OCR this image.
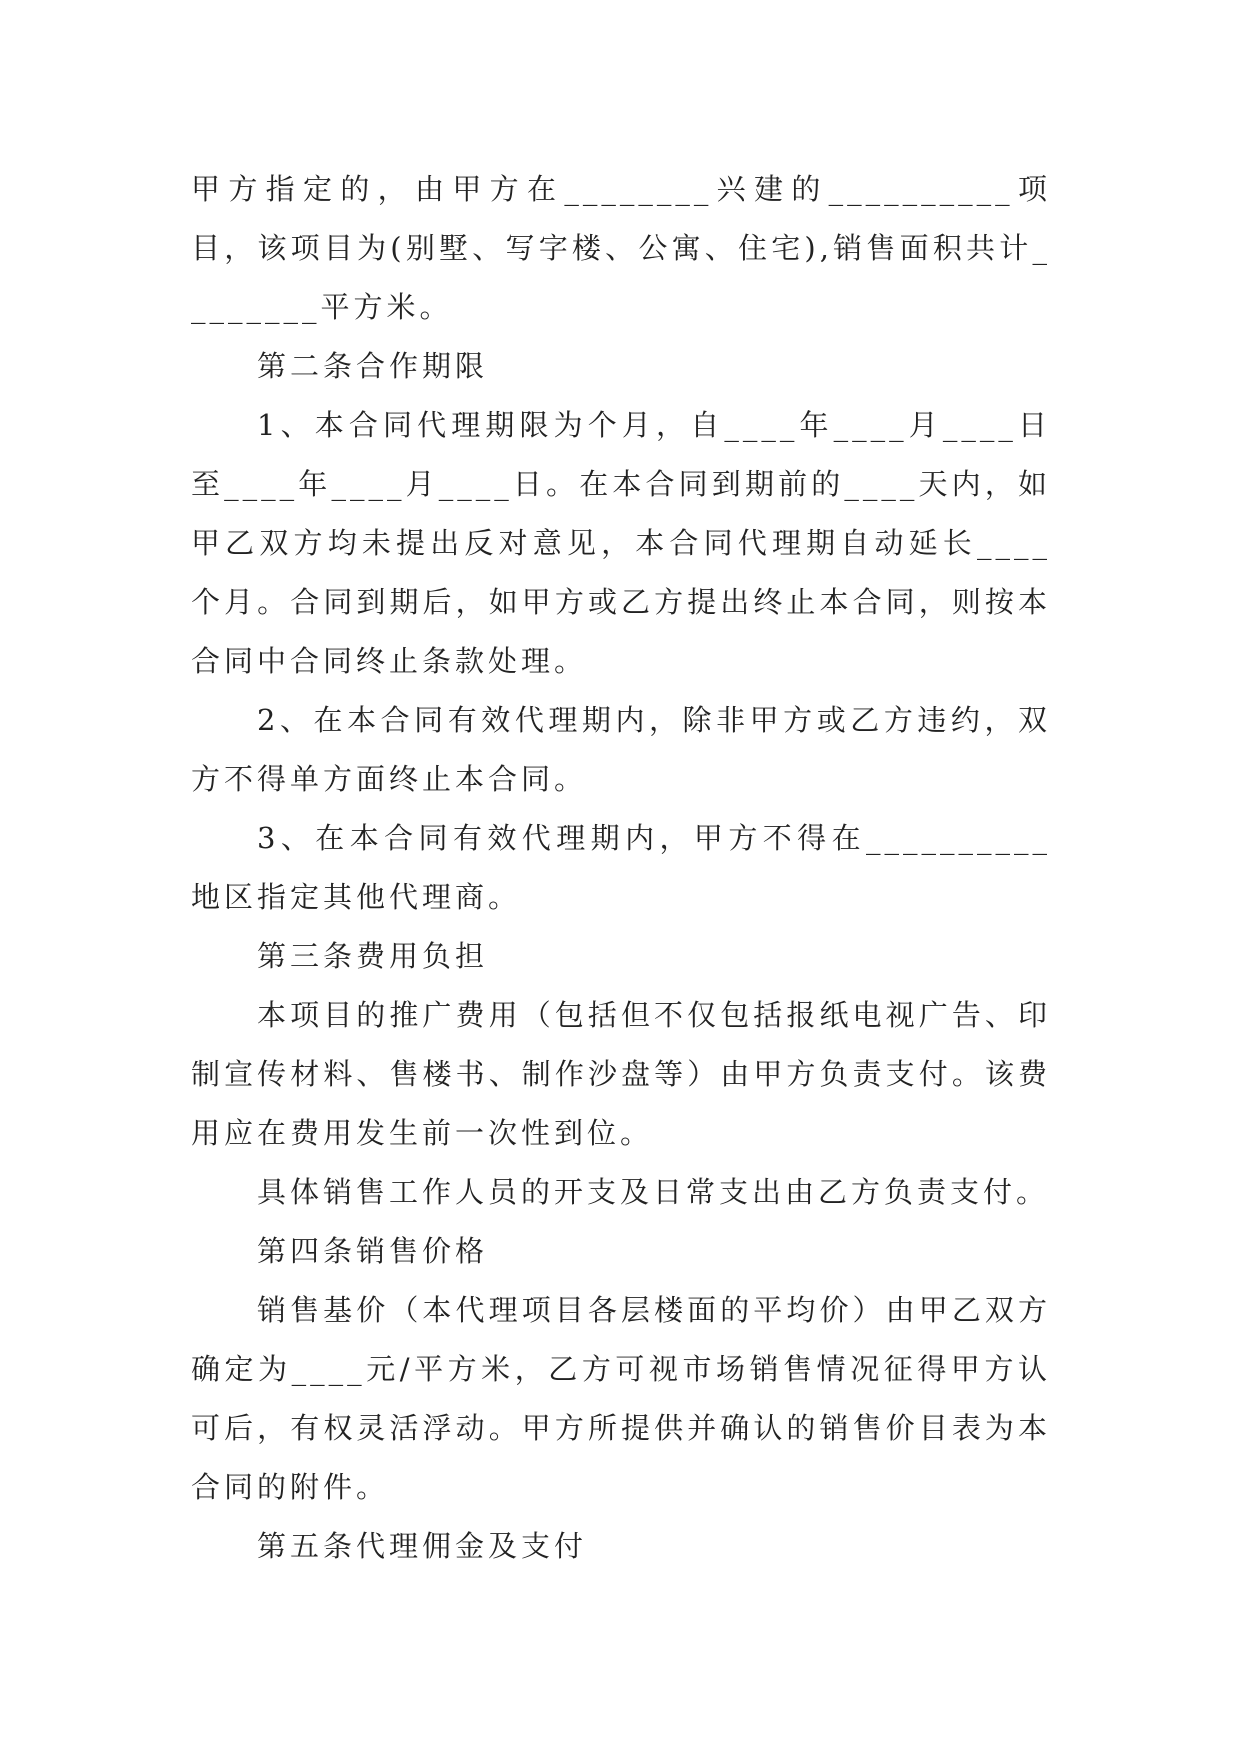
甲方指定的，由甲方在________兴建的__________项目，该项目为(别墅、写字楼、公寓、住宅),销售面积共计________平方米。

第二条合作期限

1、本合同代理期限为个月，自____年____月____日至____年____月____日。在本合同到期前的____天内，如甲乙双方均未提出反对意见，本合同代理期自动延长____个月。合同到期后，如甲方或乙方提出终止本合同，则按本合同中合同终止条款处理。

2、在本合同有效代理期内，除非甲方或乙方违约，双方不得单方面终止本合同。

3、在本合同有效代理期内，甲方不得在__________地区指定其他代理商。

第三条费用负担

本项目的推广费用（包括但不仅包括报纸电视广告、印制宣传材料、售楼书、制作沙盘等）由甲方负责支付。该费用应在费用发生前一次性到位。

具体销售工作人员的开支及日常支出由乙方负责支付。

第四条销售价格

销售基价（本代理项目各层楼面的平均价）由甲乙双方确定为____元/平方米，乙方可视市场销售情况征得甲方认可后，有权灵活浮动。甲方所提供并确认的销售价目表为本合同的附件。

第五条代理佣金及支付
